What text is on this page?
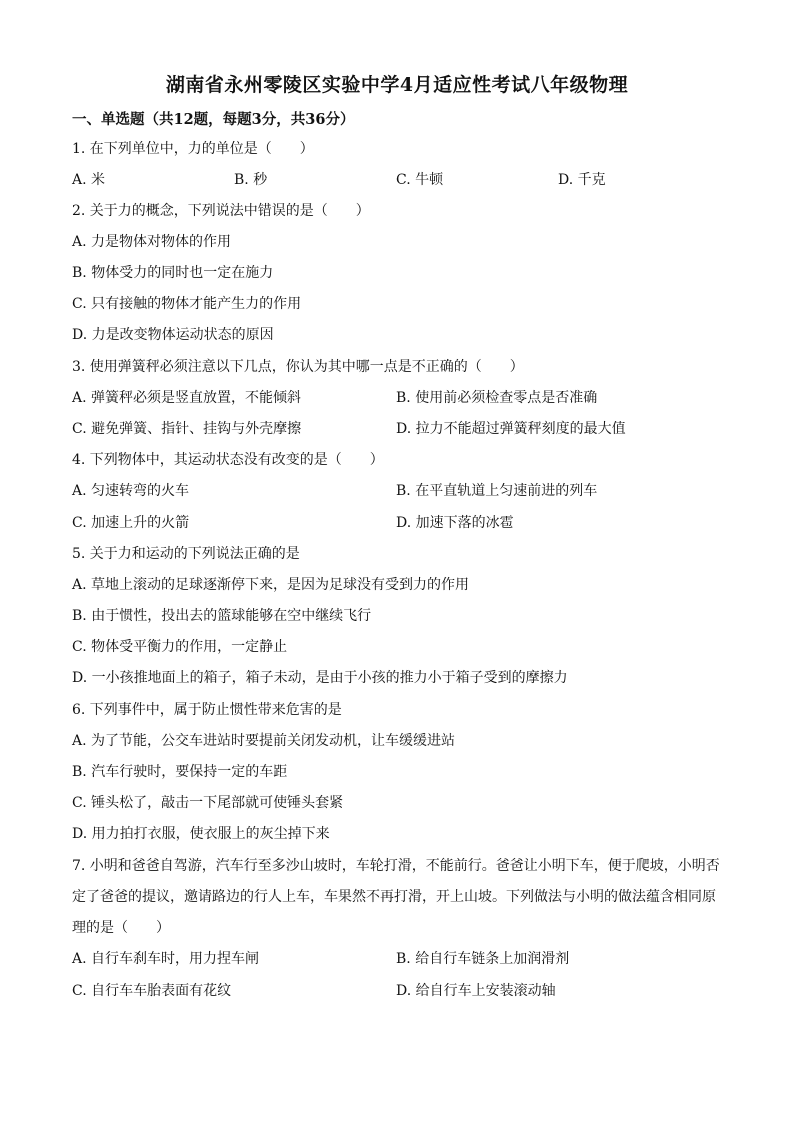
湖南省永州零陵区实验中学4月适应性考试八年级物理
一、单选题（共12题，每题3分，共36分）
1. 在下列单位中，力的单位是（　　）
A. 米	B. 秒	C. 牛顿	D. 千克
2. 关于力的概念，下列说法中错误的是（　　）
A. 力是物体对物体的作用
B. 物体受力的同时也一定在施力
C. 只有接触的物体才能产生力的作用
D. 力是改变物体运动状态的原因
3. 使用弹簧秤必须注意以下几点，你认为其中哪一点是不正确的（　　）
A. 弹簧秤必须是竖直放置，不能倾斜	B. 使用前必须检查零点是否准确
C. 避免弹簧、指针、挂钩与外壳摩擦	D. 拉力不能超过弹簧秤刻度的最大值
4. 下列物体中，其运动状态没有改变的是（　　）
A. 匀速转弯的火车	B. 在平直轨道上匀速前进的列车
C. 加速上升的火箭	D. 加速下落的冰雹
5. 关于力和运动的下列说法正确的是
A. 草地上滚动的足球逐渐停下来，是因为足球没有受到力的作用
B. 由于惯性，投出去的篮球能够在空中继续飞行
C. 物体受平衡力的作用，一定静止
D. 一小孩推地面上的箱子，箱子未动，是由于小孩的推力小于箱子受到的摩擦力
6. 下列事件中，属于防止惯性带来危害的是
A. 为了节能，公交车进站时要提前关闭发动机，让车缓缓进站
B. 汽车行驶时，要保持一定的车距
C. 锤头松了，敲击一下尾部就可使锤头套紧
D. 用力拍打衣服，使衣服上的灰尘掉下来
7. 小明和爸爸自驾游，汽车行至多沙山坡时，车轮打滑，不能前行。爸爸让小明下车，便于爬坡，小明否
定了爸爸的提议，邀请路边的行人上车，车果然不再打滑，开上山坡。下列做法与小明的做法蕴含相同原
理的是（　　）
A. 自行车刹车时，用力捏车闸	B. 给自行车链条上加润滑剂
C. 自行车车胎表面有花纹	D. 给自行车上安装滚动轴
